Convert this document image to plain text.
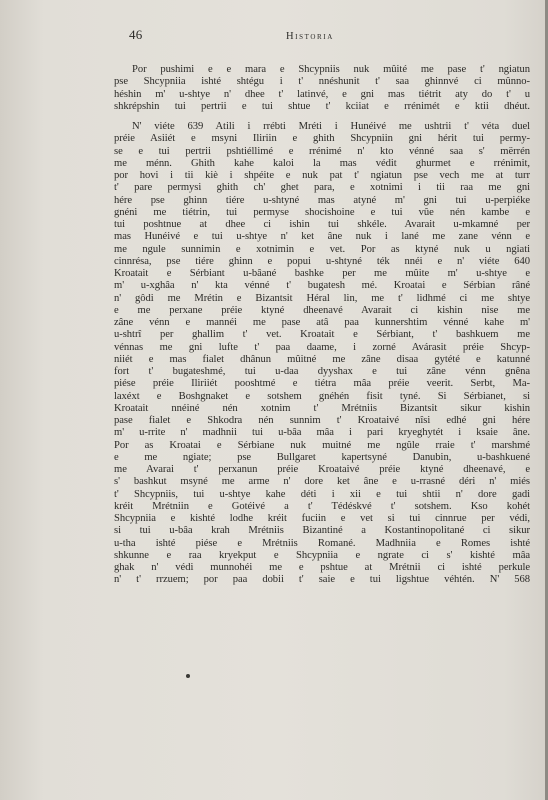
46	Historia

Por pushimi e e mara e Shcypniis nuk mûité me pase t' ngiatun
pse Shcypniia ishté shtégu i t' nnéshunit t' saa ghinnvé ci mûnno-
héshin m' u-shtye n' dhee t' latinvé, e gni mas tiétrit aty do t' u
shkrépshin tui pertrii e tui shtue t' kciiat e rrénimét e ktii dhéut.

N' viéte 639 Atili i rrébti Mréti i Hunéivé me ushtrii t' véta duel
préie Asiiét e msyni Iliriin e ghith Shcypniin gni hérit tui permy-
se e tui pertrii pshtiéllimé e rrénimé n' kto vénné saa s' mërrén
me ménn. Ghith kahe kaloi la mas védit ghurmet e rrénimit,
por hovi i tii kiè i shpéite e nuk pat t' ngiatun pse vech me at turr
t' pare permysi ghith ch' ghet para, e xotnimi i tii raa me gni
hére pse ghinn tiére u-shtyné mas atyné m' gni tui u-perpiéke
gnéni me tiétrin, tui permyse shocishoine e tui vûe nén kambe e
tui poshtnue at dhee ci ishin tui shkéle. Avarait u-mkamné per
mas Hunéivé e tui u-shtye n' ket âne nuk i lané me zane vénn e
me ngule sunnimin e xotnimin e vet. Por as ktyné nuk u ngiati
cinnrésa, pse tiére ghinn e popui u-shtyné ték nnéi e n' viéte 640
Kroatait e Sérbiant u-bâané bashke per me mûite m' u-shtye e
m' u-xghâa n' kta vénné t' bugatesh mé. Kroatai e Sérbian râné
n' gôdi me Mrétin e Bizantsit Héral lin, me t' lidhmé ci me shtye
e me perxane préie ktyné dheenavé Avarait ci kishin nise me
zâne vénn e mannéi me pase atâ paa kunnershtim vénné kahe m'
u-shtrî per ghallim t' vet. Kroatait e Sérbiant, t' bashkuem me
vénnas me gni lufte t' paa daame, i zorné Avárasit préie Shcyp-
niiét e mas fialet dhânun mûitné me zâne disaa gytété e katunné
fort t' bugateshmé, tui u-daa dyyshax e tui zâne vénn gnêna
piése préie Iliriiét pooshtmé e tiétra mâa préie veerit. Serbt, Ma-
laxéxt e Boshgnaket e sotshem gnéhén fisit tyné. Si Sérbianet, si
Kroatait nnéiné nén xotnim t' Mrétniis Bizantsit sikur kishin
pase fialet e Shkodra nén sunnim t' Kroataivé nîsi edhé gni hére
m' u-rrite n' madhnii tui u-bâa mâa i pari kryeghytét i ksaie âne.
Por as Kroatai e Sérbiane nuk muitné me ngûle rraie t' marshmé
e me ngiate; pse Bullgaret kapertsyné Danubin, u-bashkuené
me Avarai t' perxanun préie Kroataivé préie ktyné dheenavé, e
s' bashkut msyné me arme n' dore ket âne e u-rrasné déri n' miés
t' Shcypniis, tui u-shtye kahe déti i xii e tui shtii n' dore gadi
kréit Mrétniin e Gotéivé a t' Tédéskvé t' sotshem. Kso kohét
Shcypniia e kishté lodhe kréit fuciin e vet si tui cinnrue per védi,
si tui u-bâa krah Mrétniis Bizantiné a Kostantinopolitané ci sikur
u-tha ishté piése e Mrétniis Romané. Madhniia e Romes ishté
shkunne e raa kryekput e Shcypniia e ngrate ci s' kishté mâa
ghak n' védi munnohéi me e pshtue at Mrétnii ci ishté perkule
n' t' rrzuem; por paa dobii t' saie e tui ligshtue véhtén. N' 568
